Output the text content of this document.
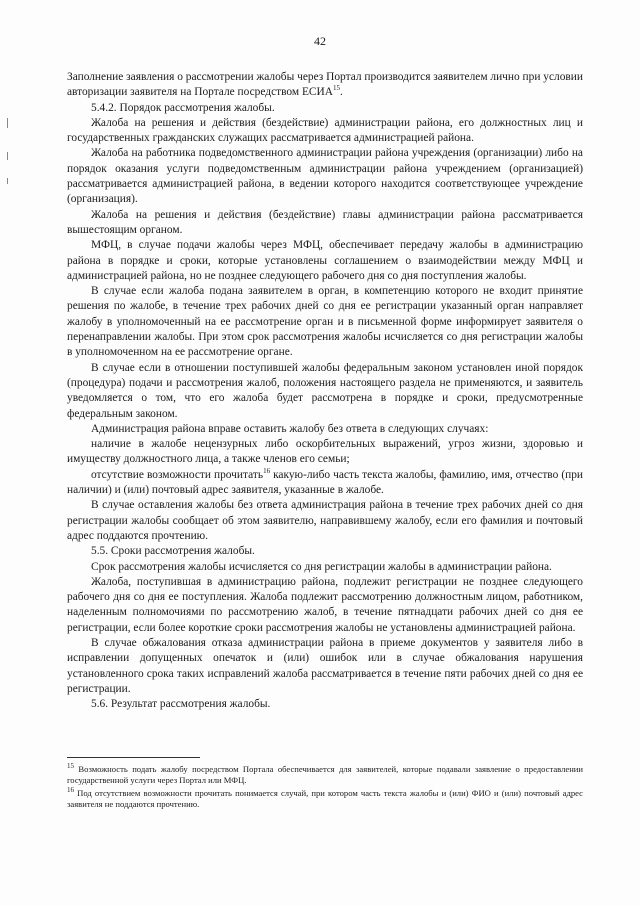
42

Заполнение заявления о рассмотрении жалобы через Портал производится заявителем лично при условии авторизации заявителя на Портале посредством ЕСИА$^{15}$.

5.4.2. Порядок рассмотрения жалобы.

Жалоба на решения и действия (бездействие) администрации района, его должностных лиц и государственных гражданских служащих рассматривается администрацией района.

Жалоба на работника подведомственного администрации района учреждения (организации) либо на порядок оказания услуги подведомственным администрации района учреждением (организацией) рассматривается администрацией района, в ведении которого находится соответствующее учреждение (организация).

Жалоба на решения и действия (бездействие) главы администрации района рассматривается вышестоящим органом.

МФЦ, в случае подачи жалобы через МФЦ, обеспечивает передачу жалобы в администрацию района в порядке и сроки, которые установлены соглашением о взаимодействии между МФЦ и администрацией района, но не позднее следующего рабочего дня со дня поступления жалобы.

В случае если жалоба подана заявителем в орган, в компетенцию которого не входит принятие решения по жалобе, в течение трех рабочих дней со дня ее регистрации указанный орган направляет жалобу в уполномоченный на ее рассмотрение орган и в письменной форме информирует заявителя о перенаправлении жалобы. При этом срок рассмотрения жалобы исчисляется со дня регистрации жалобы в уполномоченном на ее рассмотрение органе.

В случае если в отношении поступившей жалобы федеральным законом установлен иной порядок (процедура) подачи и рассмотрения жалоб, положения настоящего раздела не применяются, и заявитель уведомляется о том, что его жалоба будет рассмотрена в порядке и сроки, предусмотренные федеральным законом.

Администрация района вправе оставить жалобу без ответа в следующих случаях:

наличие в жалобе нецензурных либо оскорбительных выражений, угроз жизни, здоровью и имуществу должностного лица, а также членов его семьи;

отсутствие возможности прочитать$^{16}$ какую-либо часть текста жалобы, фамилию, имя, отчество (при наличии) и (или) почтовый адрес заявителя, указанные в жалобе.

В случае оставления жалобы без ответа администрация района в течение трех рабочих дней со дня регистрации жалобы сообщает об этом заявителю, направившему жалобу, если его фамилия и почтовый адрес поддаются прочтению.

5.5. Сроки рассмотрения жалобы.

Срок рассмотрения жалобы исчисляется со дня регистрации жалобы в администрации района.

Жалоба, поступившая в администрацию района, подлежит регистрации не позднее следующего рабочего дня со дня ее поступления. Жалоба подлежит рассмотрению должностным лицом, работником, наделенным полномочиями по рассмотрению жалоб, в течение пятнадцати рабочих дней со дня ее регистрации, если более короткие сроки рассмотрения жалобы не установлены администрацией района.

В случае обжалования отказа администрации района в приеме документов у заявителя либо в исправлении допущенных опечаток и (или) ошибок или в случае обжалования нарушения установленного срока таких исправлений жалоба рассматривается в течение пяти рабочих дней со дня ее регистрации.

5.6. Результат рассмотрения жалобы.

$^{15}$ Возможность подать жалобу посредством Портала обеспечивается для заявителей, которые подавали заявление о предоставлении государственной услуги через Портал или МФЦ.

$^{16}$ Под отсутствием возможности прочитать понимается случай, при котором часть текста жалобы и (или) ФИО и (или) почтовый адрес заявителя не поддаются прочтению.
